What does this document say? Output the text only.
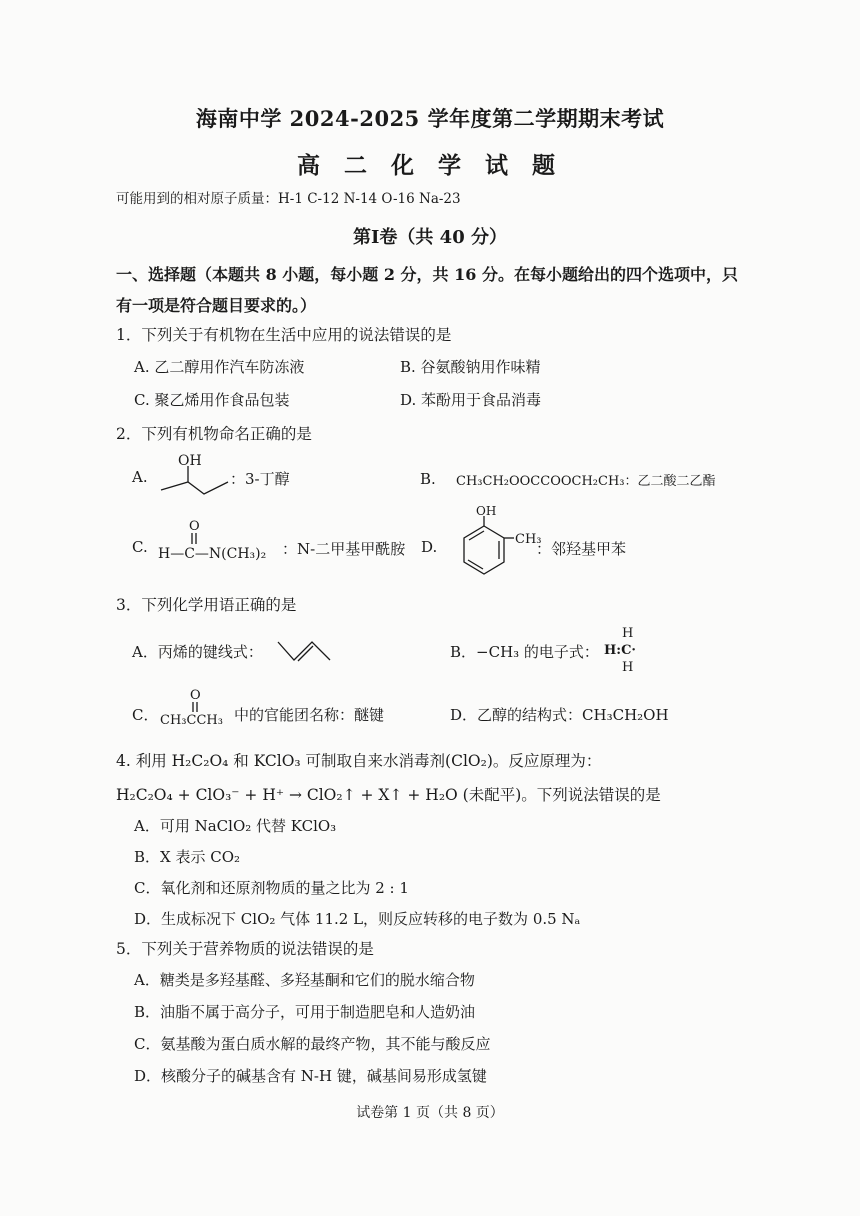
海南中学 2024-2025 学年度第二学期期末考试
高 二 化 学 试 题
可能用到的相对原子质量：H-1 C-12 N-14 O-16 Na-23
第Ⅰ卷（共 40 分）
一、选择题（本题共 8 小题，每小题 2 分，共 16 分。在每小题给出的四个选项中，只
有一项是符合题目要求的。）
1．下列关于有机物在生活中应用的说法错误的是
A. 乙二醇用作汽车防冻液	B. 谷氨酸钠用作味精
C. 聚乙烯用作食品包装	D. 苯酚用于食品消毒
2．下列有机物命名正确的是
A.
OH
：3-丁醇	B. CH₃CH₂OOCCOOCH₂CH₃：乙二酸二乙酯
C.
O
H—C—N(CH₃)₂ ：N-二甲基甲酰胺 D.
OH
CH₃
：邻羟基甲苯
3．下列化学用语正确的是
A．丙烯的键线式：	B．−CH₃ 的电子式：
H
H:C·
H
C．
O
CH₃CCH₃ 中的官能团名称：醚键	D．乙醇的结构式：CH₃CH₂OH
4. 利用 H₂C₂O₄ 和 KClO₃ 可制取自来水消毒剂(ClO₂)。反应原理为：
H₂C₂O₄ + ClO₃⁻ + H⁺ → ClO₂↑ + X↑ + H₂O (未配平)。下列说法错误的是
A．可用 NaClO₂ 代替 KClO₃
B．X 表示 CO₂
C．氧化剂和还原剂物质的量之比为 2 : 1
D．生成标况下 ClO₂ 气体 11.2 L，则反应转移的电子数为 0.5 Nₐ
5．下列关于营养物质的说法错误的是
A．糖类是多羟基醛、多羟基酮和它们的脱水缩合物
B．油脂不属于高分子，可用于制造肥皂和人造奶油
C．氨基酸为蛋白质水解的最终产物，其不能与酸反应
D．核酸分子的碱基含有 N-H 键，碱基间易形成氢键
试卷第 1 页（共 8 页）
